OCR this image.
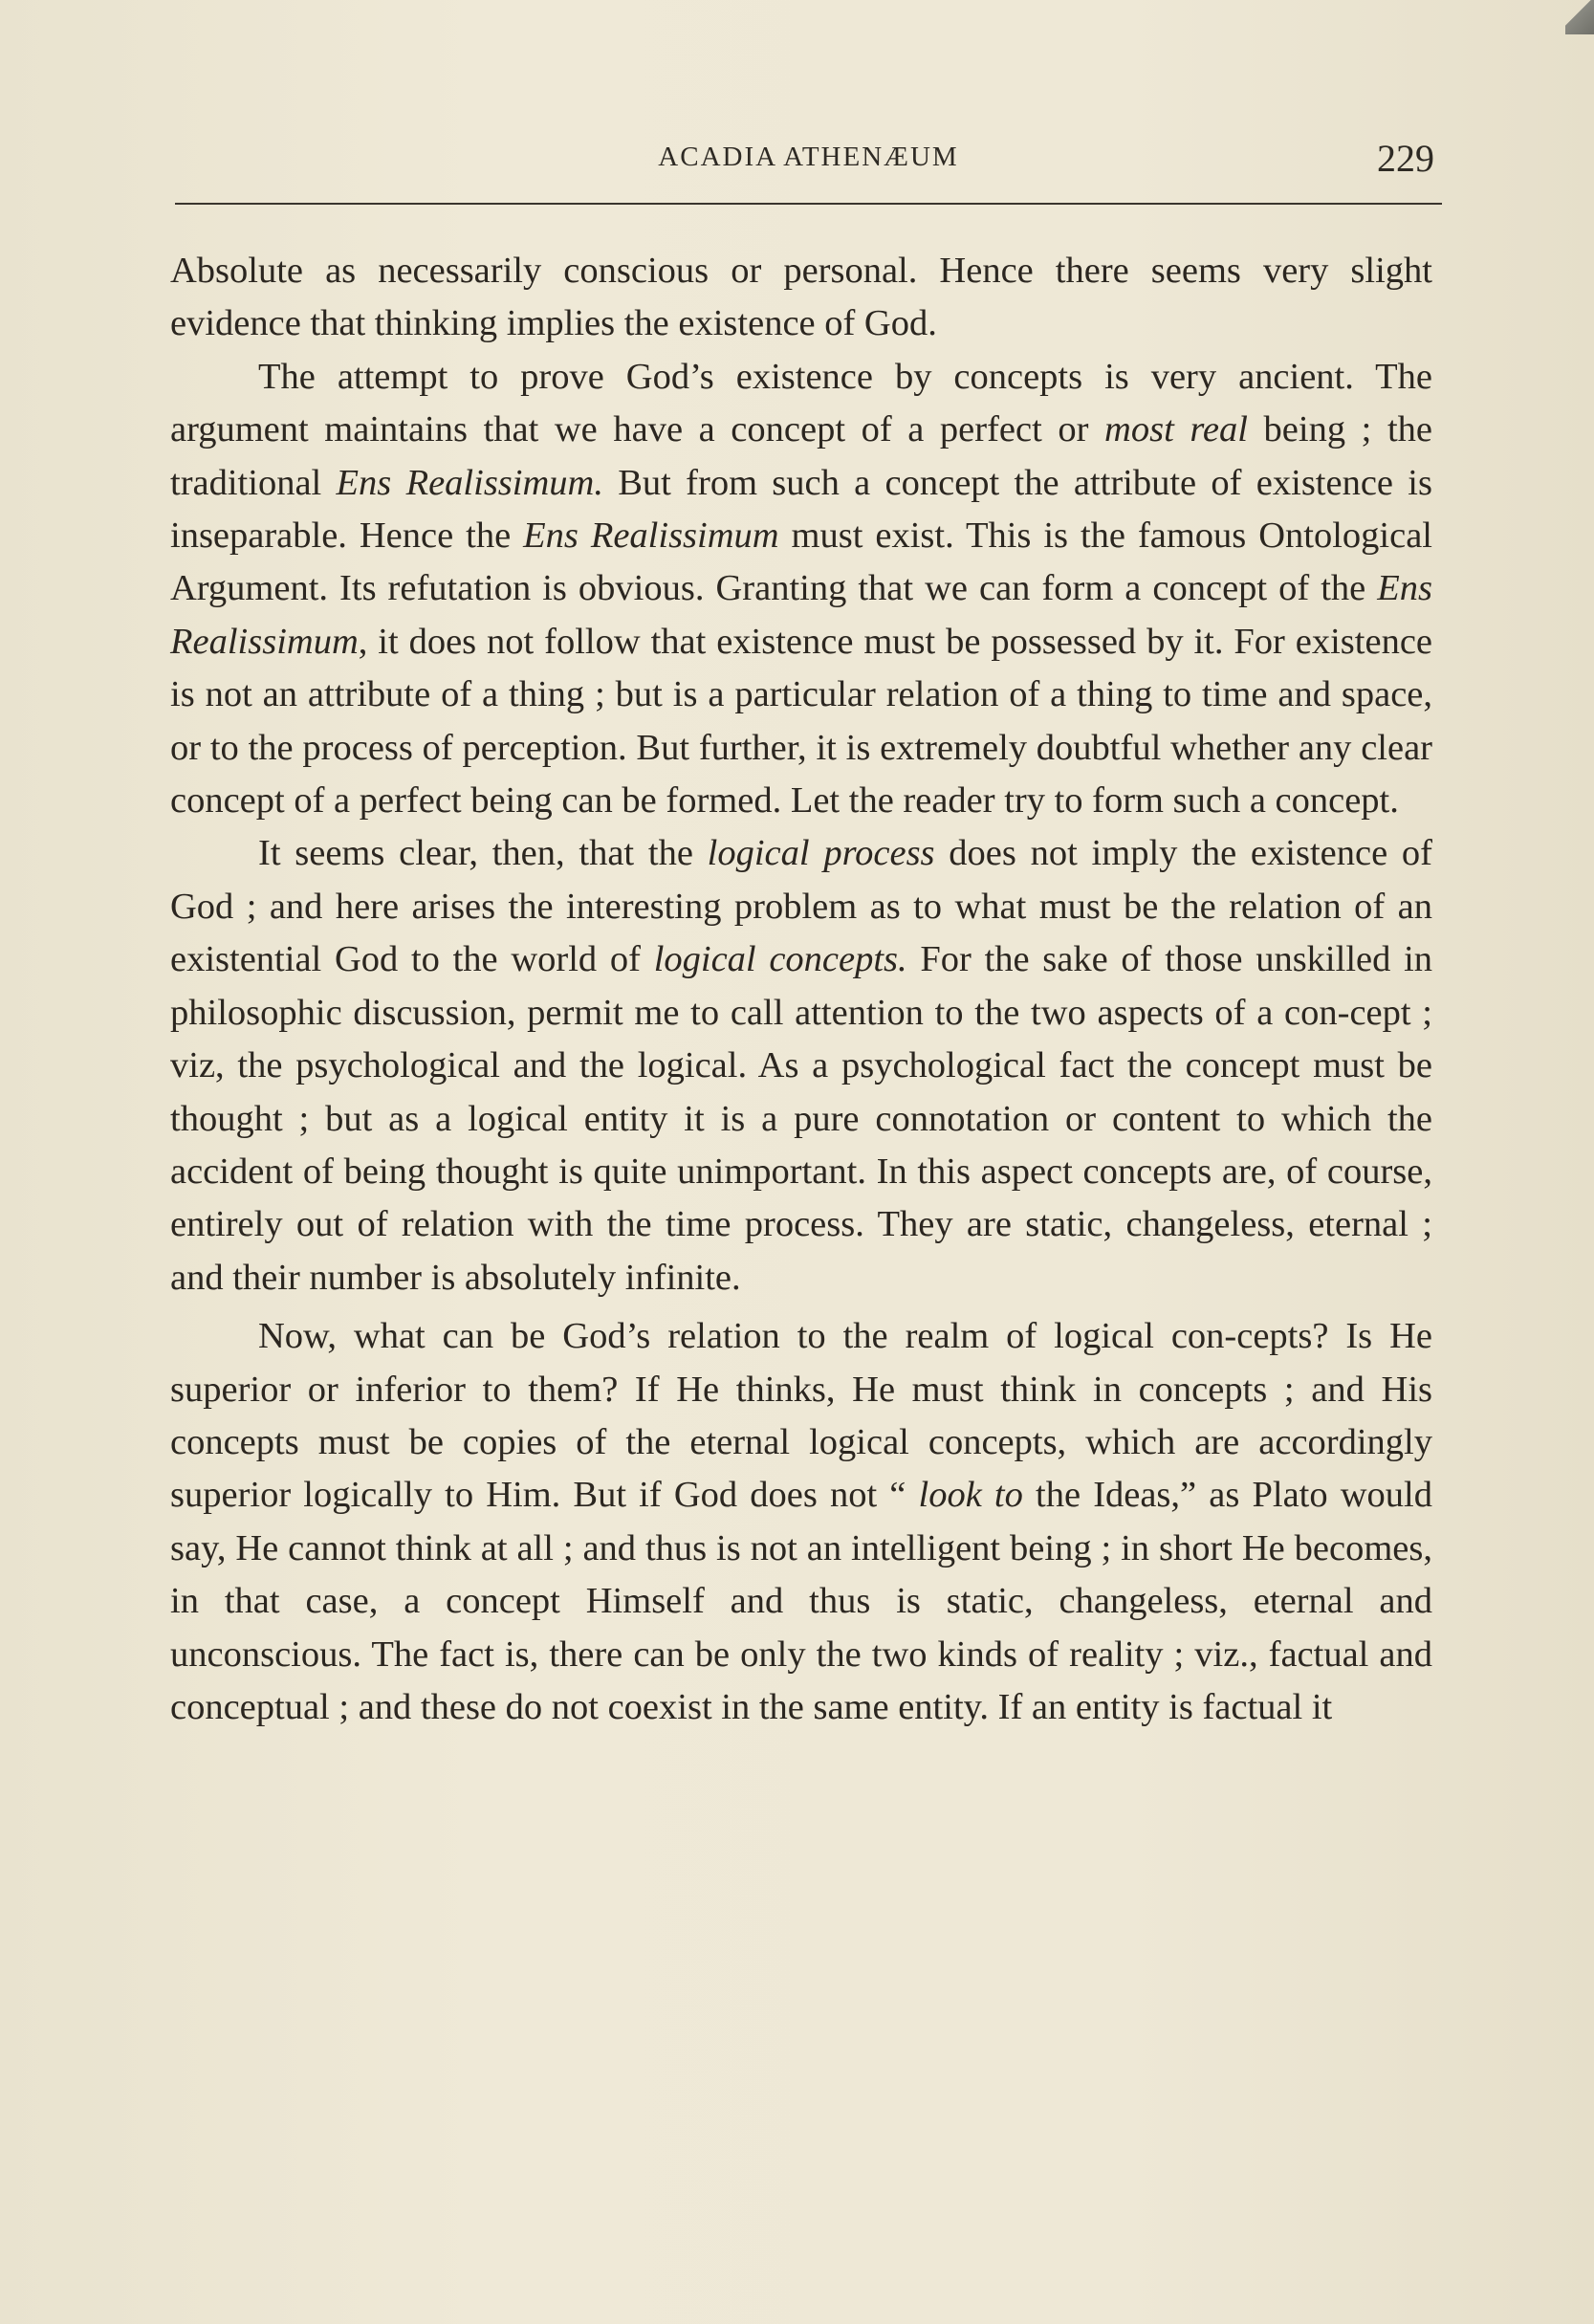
ACADIA ATHENÆUM	229

Absolute as necessarily conscious or personal. Hence there seems very slight evidence that thinking implies the existence of God.

The attempt to prove God’s existence by concepts is very ancient. The argument maintains that we have a concept of a perfect or most real being ; the traditional Ens Realissimum. But from such a concept the attribute of existence is inseparable. Hence the Ens Realissimum must exist. This is the famous Ontological Argument. Its refutation is obvious. Granting that we can form a concept of the Ens Realissimum, it does not follow that existence must be possessed by it. For existence is not an attribute of a thing ; but is a particular relation of a thing to time and space, or to the process of perception. But further, it is extremely doubtful whether any clear concept of a perfect being can be formed. Let the reader try to form such a concept.

It seems clear, then, that the logical process does not imply the existence of God ; and here arises the interesting problem as to what must be the relation of an existential God to the world of logical concepts. For the sake of those unskilled in philosophic discussion, permit me to call attention to the two aspects of a con-cept ; viz, the psychological and the logical. As a psychological fact the concept must be thought ; but as a logical entity it is a pure connotation or content to which the accident of being thought is quite unimportant. In this aspect concepts are, of course, entirely out of relation with the time process. They are static, changeless, eternal ; and their number is absolutely infinite.

Now, what can be God’s relation to the realm of logical con-cepts? Is He superior or inferior to them? If He thinks, He must think in concepts ; and His concepts must be copies of the eternal logical concepts, which are accordingly superior logically to Him. But if God does not “ look to the Ideas,” as Plato would say, He cannot think at all ; and thus is not an intelligent being ; in short He becomes, in that case, a concept Himself and thus is static, changeless, eternal and unconscious. The fact is, there can be only the two kinds of reality ; viz., factual and conceptual ; and these do not coexist in the same entity. If an entity is factual it
